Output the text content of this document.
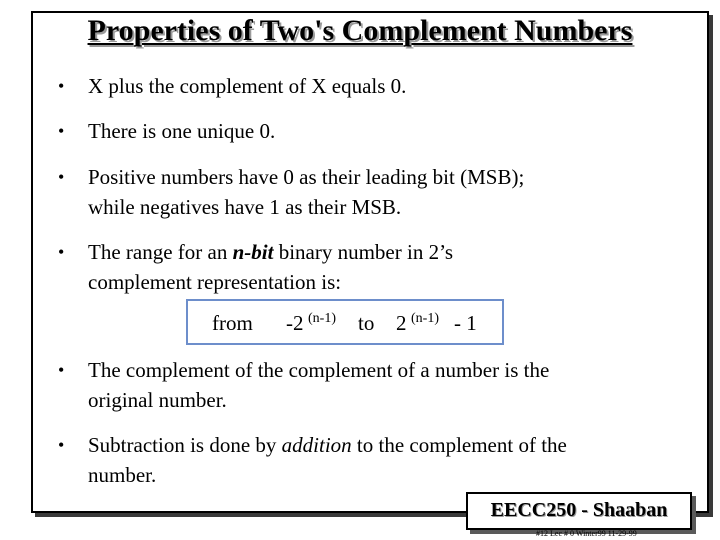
Properties of Two's Complement Numbers
• X plus the complement of X equals 0.
• There is one unique 0.
• Positive numbers have 0 as their leading bit (MSB);
while negatives have 1 as their MSB.
• The range for an n-bit binary number in 2’s
complement representation is:
from -2 (n-1) to 2 (n-1) - 1
• The complement of the complement of a number is the
original number.
• Subtraction is done by addition to the complement of the
number.
EECC250 - Shaaban
#12 Lec # 0 Winter99 11-29-99
